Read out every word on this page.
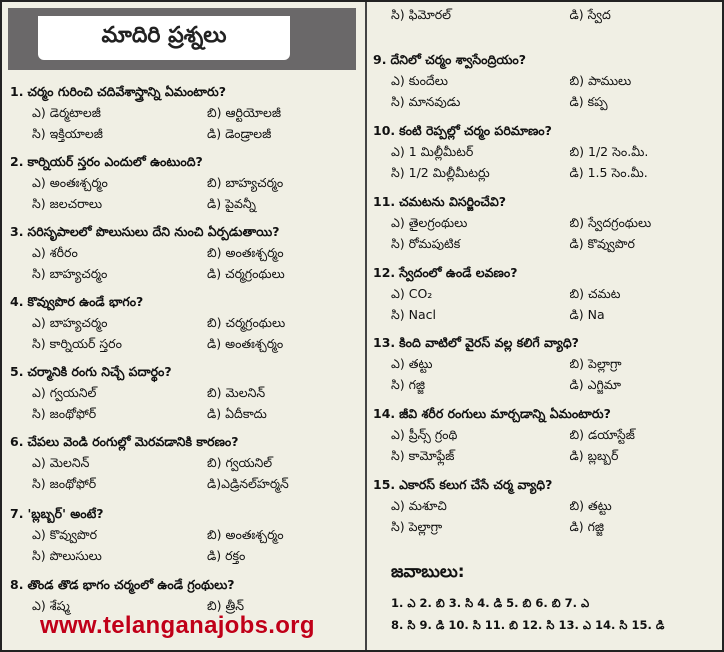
మాదిరి ప్రశ్నలు
1. చర్మం గురించి చదివేశాస్త్రాన్ని ఏమంటారు?
ఎ) డెర్మటాలజీ	బి) ఆర్టియోలజీ
సి) ఇక్తియాలజీ	డి) డెండ్రాలజీ
2. కార్నియర్ స్తరం ఎందులో ఉంటుంది?
ఎ) అంతఃశ్చర్మం	బి) బాహ్యచర్మం
సి) జలచరాలు	డి) పైవన్నీ
3. సరిసృపాలలో పొలుసులు దేని నుంచి ఏర్పడుతాయి?
ఎ) శరీరం	బి) అంతఃశ్చర్మం
సి) బాహ్యచర్మం	డి) చర్మగ్రంథులు
4. కొవ్వుపొర ఉండే భాగం?
ఎ) బాహ్యచర్మం	బి) చర్మగ్రంథులు
సి) కార్నియర్ స్తరం	డి) అంతఃశ్చర్మం
5. చర్మానికి రంగు నిచ్చే పదార్థం?
ఎ) గ్వయనిల్	బి) మెలనిన్
సి) జంథోఫోర్	డి) ఏదీకాదు
6. చేపలు వెండి రంగుల్లో మెరవడానికి కారణం?
ఎ) మెలనిన్	బి) గ్వయనిల్
సి) జంథోఫోర్	డి)ఎడ్రినల్‌హర్మన్
7. 'బ్లబ్బర్' అంటే?
ఎ) కొవ్వుపొర	బి) అంతఃశ్చర్మం
సి) పొలుసులు	డి) రక్తం
8. తొండ తొడ భాగం చర్మంలో ఉండే గ్రంథులు?
ఎ) శేష్మ	బి) త్రీన్
www.telanganajobs.org
సి) ఫిమోరల్	డి) స్వేద
9. దేనిలో చర్మం శ్వాసేంద్రియం?
ఎ) కుందేలు	బి) పాములు
సి) మానవుడు	డి) కప్ప
10. కంటి రెప్పల్లో చర్మం పరిమాణం?
ఎ) 1 మిల్లీమీటర్	బి) 1/2 సెం.మీ.
సి) 1/2 మిల్లీమీటర్లు	డి) 1.5 సెం.మీ.
11. చమటను విసర్జించేవి?
ఎ) తైలగ్రంథులు	బి) స్వేదగ్రంథులు
సి) రోమపుటిక	డి) కొవ్వుపొర
12. స్వేదంలో ఉండే లవణం?
ఎ) CO₂	బి) చమట
సి) Nacl	డి) Na
13. కింది వాటిలో వైరస్ వల్ల కలిగే వ్యాధి?
ఎ) తట్టు	బి) పెల్లాగ్రా
సి) గజ్జి	డి) ఎగ్జిమా
14. జీవి శరీర రంగులు మార్చడాన్ని ఏమంటారు?
ఎ) ప్రీన్స్ గ్రంథి	బి) డయాస్టేజ్
సి) కామోఫ్లేజ్	డి) బ్లబ్బర్
15. ఎకారస్ కలుగ చేసే చర్మ వ్యాధి?
ఎ) మశూచి	బి) తట్టు
సి) పెల్లాగ్రా	డి) గజ్జి
జవాబులు:
1. ఎ 2. బి 3. సి 4. డి 5. బి 6. బి 7. ఎ
8. సి 9. డి 10. సి 11. బి 12. సి 13. ఎ 14. సి 15. డి
